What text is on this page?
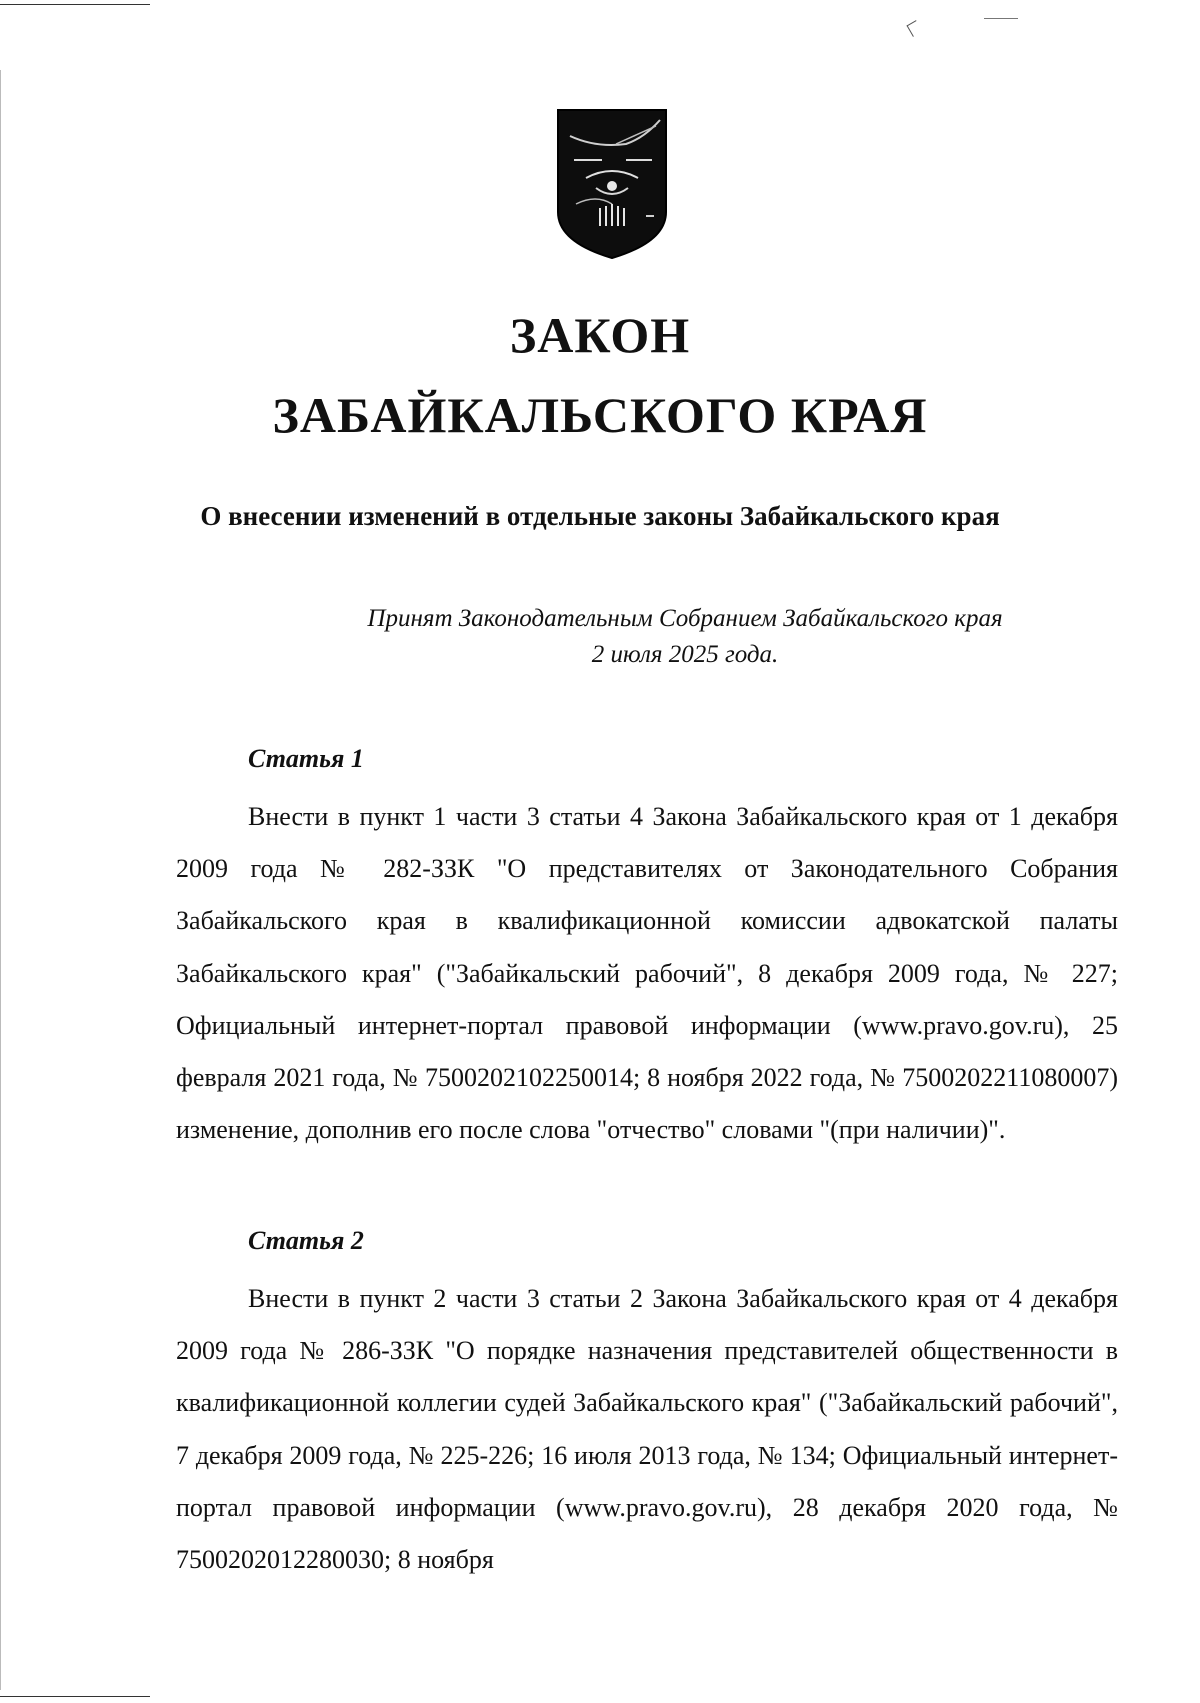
ЗАКОН
ЗАБАЙКАЛЬСКОГО КРАЯ
О внесении изменений в отдельные законы Забайкальского края
Принят Законодательным Собранием Забайкальского края
2 июля 2025 года.
Статья 1

Внести в пункт 1 части 3 статьи 4 Закона Забайкальского края от 1 декабря 2009 года № 282-ЗЗК "О представителях от Законодательного Собрания Забайкальского края в квалификационной комиссии адвокатской палаты Забайкальского края" ("Забайкальский рабочий", 8 декабря 2009 года, № 227; Официальный интернет-портал правовой информации (www.pravo.gov.ru), 25 февраля 2021 года, № 7500202102250014; 8 ноября 2022 года, № 7500202211080007) изменение, дополнив его после слова "отчество" словами "(при наличии)".

Статья 2

Внести в пункт 2 части 3 статьи 2 Закона Забайкальского края от 4 декабря 2009 года № 286-ЗЗК "О порядке назначения представителей общественности в квалификационной коллегии судей Забайкальского края" ("Забайкальский рабочий", 7 декабря 2009 года, № 225-226; 16 июля 2013 года, № 134; Официальный интернет-портал правовой информации (www.pravo.gov.ru), 28 декабря 2020 года, № 7500202012280030; 8 ноября
